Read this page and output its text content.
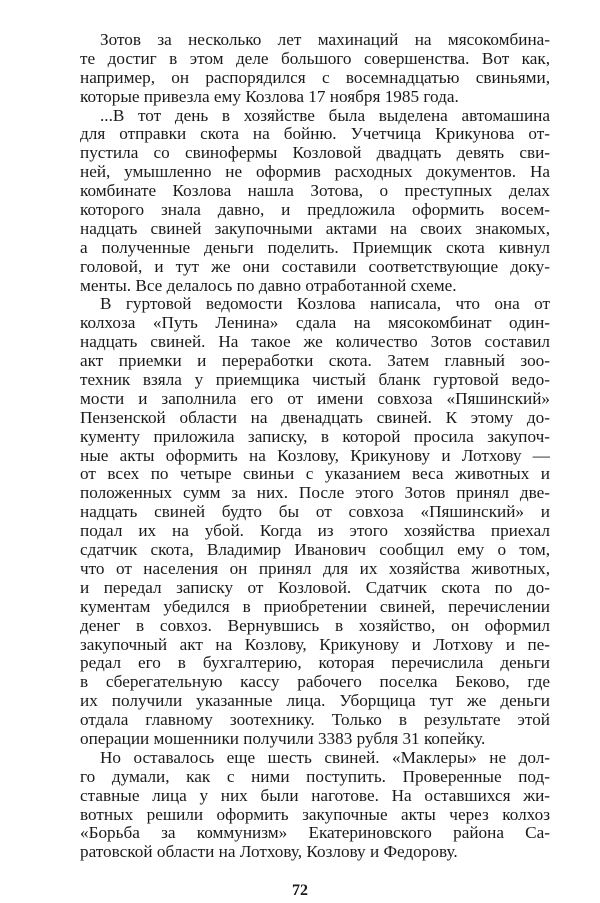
Зотов за несколько лет махинаций на мясокомбина-
те достиг в этом деле большого совершенства. Вот как,
например, он распорядился с восемнадцатью свиньями,
которые привезла ему Козлова 17 ноября 1985 года.
...В тот день в хозяйстве была выделена автомашина
для отправки скота на бойню. Учетчица Крикунова от-
пустила со свинофермы Козловой двадцать девять сви-
ней, умышленно не оформив расходных документов. На
комбинате Козлова нашла Зотова, о преступных делах
которого знала давно, и предложила оформить восем-
надцать свиней закупочными актами на своих знакомых,
а полученные деньги поделить. Приемщик скота кивнул
головой, и тут же они составили соответствующие доку-
менты. Все делалось по давно отработанной схеме.
В гуртовой ведомости Козлова написала, что она от
колхоза «Путь Ленина» сдала на мясокомбинат один-
надцать свиней. На такое же количество Зотов составил
акт приемки и переработки скота. Затем главный зоо-
техник взяла у приемщика чистый бланк гуртовой ведо-
мости и заполнила его от имени совхоза «Пяшинский»
Пензенской области на двенадцать свиней. К этому до-
кументу приложила записку, в которой просила закупоч-
ные акты оформить на Козлову, Крикунову и Лотхову —
от всех по четыре свиньи с указанием веса животных и
положенных сумм за них. После этого Зотов принял две-
надцать свиней будто бы от совхоза «Пяшинский» и
подал их на убой. Когда из этого хозяйства приехал
сдатчик скота, Владимир Иванович сообщил ему о том,
что от населения он принял для их хозяйства животных,
и передал записку от Козловой. Сдатчик скота по до-
кументам убедился в приобретении свиней, перечислении
денег в совхоз. Вернувшись в хозяйство, он оформил
закупочный акт на Козлову, Крикунову и Лотхову и пе-
редал его в бухгалтерию, которая перечислила деньги
в сберегательную кассу рабочего поселка Беково, где
их получили указанные лица. Уборщица тут же деньги
отдала главному зоотехнику. Только в результате этой
операции мошенники получили 3383 рубля 31 копейку.
Но оставалось еще шесть свиней. «Маклеры» не дол-
го думали, как с ними поступить. Проверенные под-
ставные лица у них были наготове. На оставшихся жи-
вотных решили оформить закупочные акты через колхоз
«Борьба за коммунизм» Екатериновского района Са-
ратовской области на Лотхову, Козлову и Федорову.
72
